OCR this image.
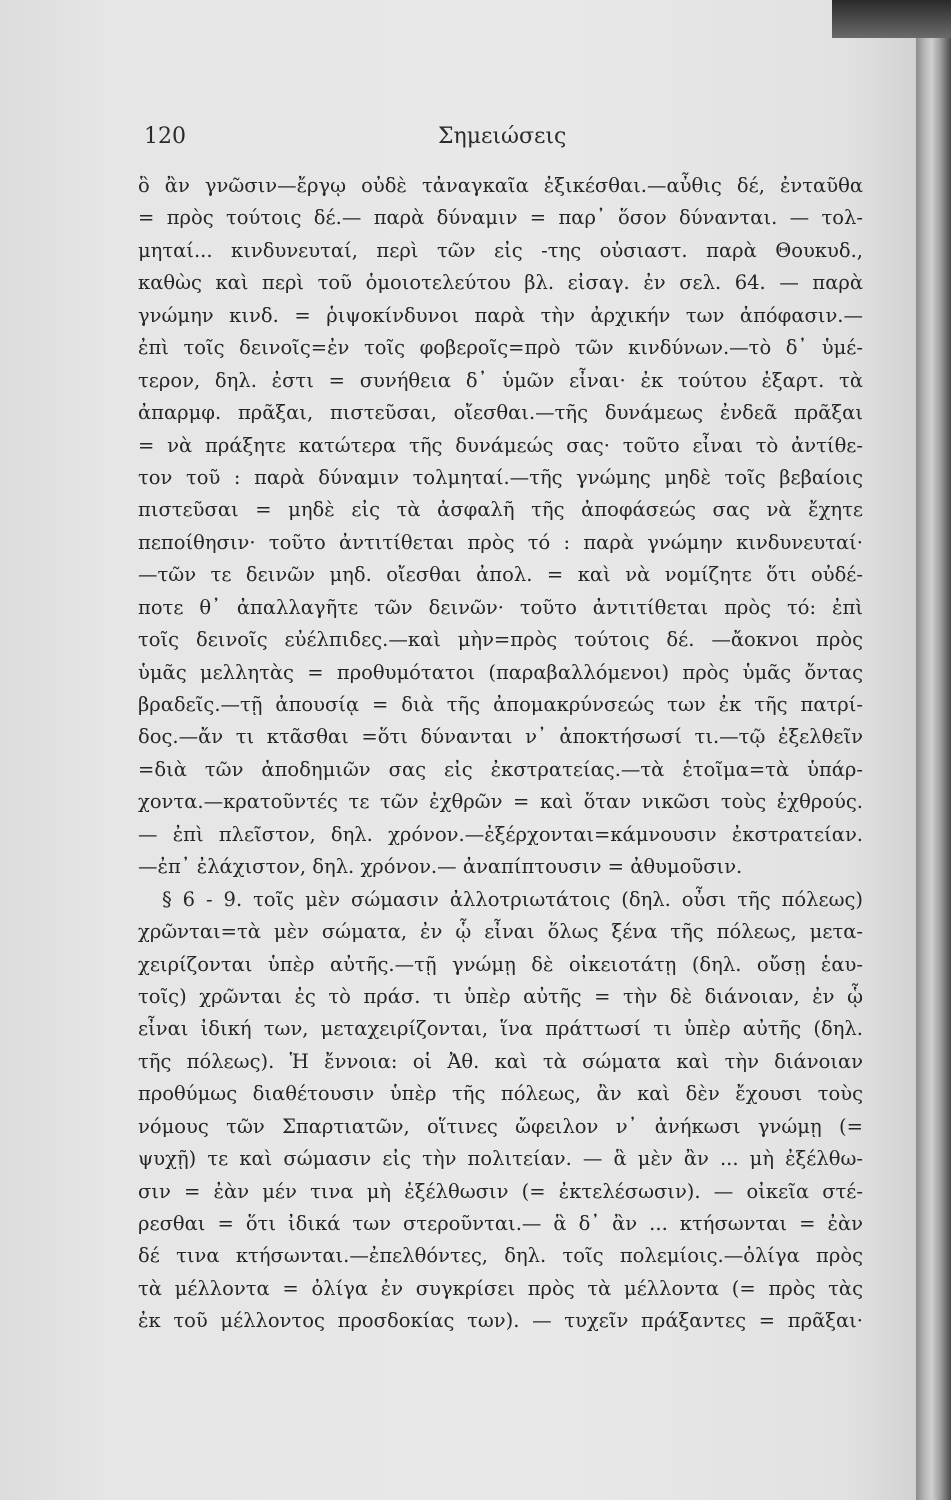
120	Σημειώσεις
ὃ ἂν γνῶσιν—ἔργῳ οὐδὲ τἀναγκαῖα ἐξικέσθαι.—αὖθις δέ, ἐνταῦθα
= πρὸς τούτοις δέ.— παρὰ δύναμιν = παρ᾽ ὅσον δύνανται. — τολ-
μηταί... κινδυνευταί, περὶ τῶν εἰς -της οὐσιαστ. παρὰ Θουκυδ.,
καθὼς καὶ περὶ τοῦ ὁμοιοτελεύτου βλ. εἰσαγ. ἐν σελ. 64. — παρὰ
γνώμην κινδ. = ῥιψοκίνδυνοι παρὰ τὴν ἀρχικήν των ἀπόφασιν.—
ἐπὶ τοῖς δεινοῖς=ἐν τοῖς φοβεροῖς=πρὸ τῶν κινδύνων.—τὸ δ᾽ ὑμέ-
τερον, δηλ. ἐστι = συνήθεια δ᾽ ὑμῶν εἶναι· ἐκ τούτου ἐξαρτ. τὰ
ἀπαρμφ. πρᾶξαι, πιστεῦσαι, οἴεσθαι.—τῆς δυνάμεως ἐνδεᾶ πρᾶξαι
= νὰ πράξητε κατώτερα τῆς δυνάμεώς σας· τοῦτο εἶναι τὸ ἀντίθε-
τον τοῦ : παρὰ δύναμιν τολμηταί.—τῆς γνώμης μηδὲ τοῖς βεβαίοις
πιστεῦσαι = μηδὲ εἰς τὰ ἀσφαλῆ τῆς ἀποφάσεώς σας νὰ ἔχητε
πεποίθησιν· τοῦτο ἀντιτίθεται πρὸς τό : παρὰ γνώμην κινδυνευταί·
—τῶν τε δεινῶν μηδ. οἴεσθαι ἀπολ. = καὶ νὰ νομίζητε ὅτι οὐδέ-
ποτε θ᾽ ἀπαλλαγῆτε τῶν δεινῶν· τοῦτο ἀντιτίθεται πρὸς τό: ἐπὶ
τοῖς δεινοῖς εὐέλπιδες.—καὶ μὴν=πρὸς τούτοις δέ. —ἄοκνοι πρὸς
ὑμᾶς μελλητὰς = προθυμότατοι (παραβαλλόμενοι) πρὸς ὑμᾶς ὄντας
βραδεῖς.—τῇ ἀπουσίᾳ = διὰ τῆς ἀπομακρύνσεώς των ἐκ τῆς πατρί-
δος.—ἄν τι κτᾶσθαι =ὅτι δύνανται ν᾽ ἀποκτήσωσί τι.—τῷ ἐξελθεῖν
=διὰ τῶν ἀποδημιῶν σας εἰς ἐκστρατείας.—τὰ ἑτοῖμα=τὰ ὑπάρ-
χοντα.—κρατοῦντές τε τῶν ἐχθρῶν = καὶ ὅταν νικῶσι τοὺς ἐχθρούς.
— ἐπὶ πλεῖστον, δηλ. χρόνον.—ἐξέρχονται=κάμνουσιν ἐκστρατείαν.
—ἐπ᾽ ἐλάχιστον, δηλ. χρόνον.— ἀναπίπτουσιν = ἀθυμοῦσιν.
§ 6 - 9. τοῖς μὲν σώμασιν ἀλλοτριωτάτοις (δηλ. οὖσι τῆς πόλεως)
χρῶνται=τὰ μὲν σώματα, ἐν ᾧ εἶναι ὅλως ξένα τῆς πόλεως, μετα-
χειρίζονται ὑπὲρ αὐτῆς.—τῇ γνώμῃ δὲ οἰκειοτάτῃ (δηλ. οὔσῃ ἑαυ-
τοῖς) χρῶνται ἐς τὸ πράσ. τι ὑπὲρ αὐτῆς = τὴν δὲ διάνοιαν, ἐν ᾧ
εἶναι ἰδική των, μεταχειρίζονται, ἵνα πράττωσί τι ὑπὲρ αὐτῆς (δηλ.
τῆς πόλεως). Ἡ ἔννοια: οἱ Ἀθ. καὶ τὰ σώματα καὶ τὴν διάνοιαν
προθύμως διαθέτουσιν ὑπὲρ τῆς πόλεως, ἂν καὶ δὲν ἔχουσι τοὺς
νόμους τῶν Σπαρτιατῶν, οἵτινες ὤφειλον ν᾽ ἀνήκωσι γνώμῃ (=
ψυχῇ) τε καὶ σώμασιν εἰς τὴν πολιτείαν. — ἃ μὲν ἂν ... μὴ ἐξέλθω-
σιν = ἐὰν μέν τινα μὴ ἐξέλθωσιν (= ἐκτελέσωσιν). — οἰκεῖα στέ-
ρεσθαι = ὅτι ἰδικά των στεροῦνται.— ἃ δ᾽ ἂν ... κτήσωνται = ἐὰν
δέ τινα κτήσωνται.—ἐπελθόντες, δηλ. τοῖς πολεμίοις.—ὀλίγα πρὸς
τὰ μέλλοντα = ὀλίγα ἐν συγκρίσει πρὸς τὰ μέλλοντα (= πρὸς τὰς
ἐκ τοῦ μέλλοντος προσδοκίας των). — τυχεῖν πράξαντες = πρᾶξαι·
